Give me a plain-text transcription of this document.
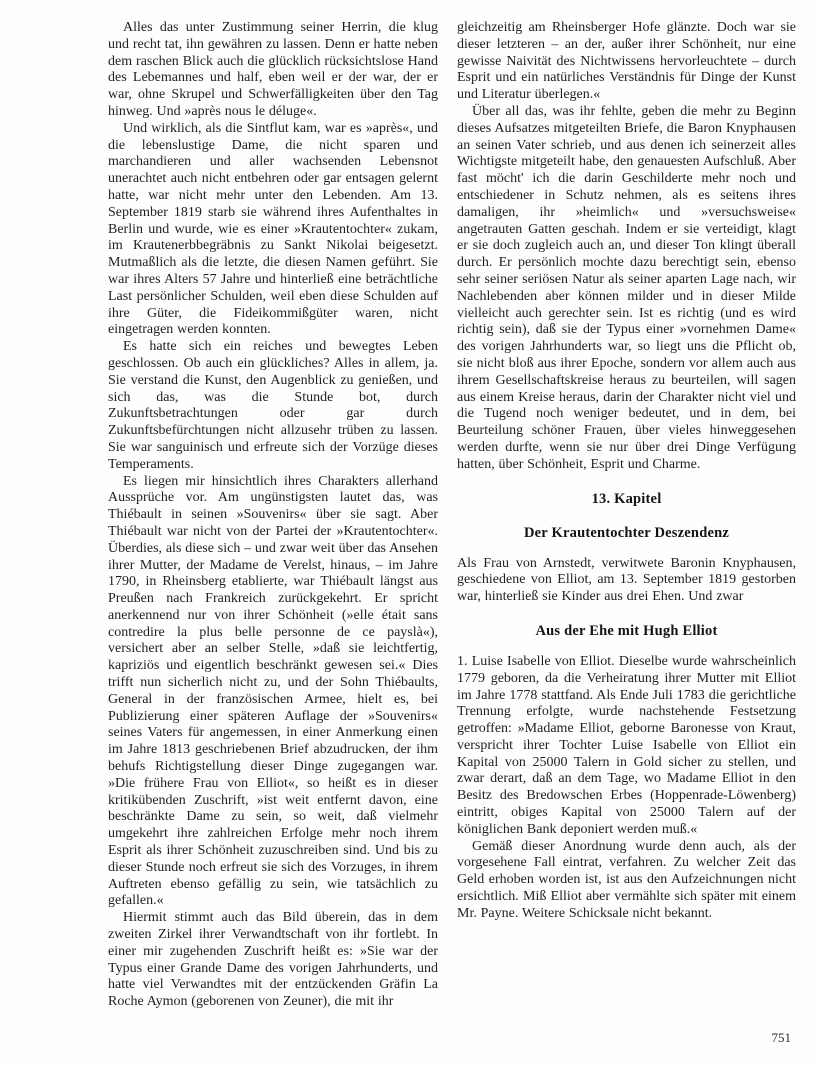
Alles das unter Zustimmung seiner Herrin, die klug und recht tat, ihn gewähren zu lassen. Denn er hatte neben dem raschen Blick auch die glücklich rücksichtslose Hand des Lebemannes und half, eben weil er der war, der er war, ohne Skrupel und Schwerfälligkeiten über den Tag hinweg. Und »après nous le déluge«.

Und wirklich, als die Sintflut kam, war es »après«, und die lebenslustige Dame, die nicht sparen und marchandieren und aller wachsenden Lebensnot unerachtet auch nicht entbehren oder gar entsagen gelernt hatte, war nicht mehr unter den Lebenden. Am 13. September 1819 starb sie während ihres Aufenthaltes in Berlin und wurde, wie es einer »Krautentochter« zukam, im Krautenerbbegräbnis zu Sankt Nikolai beigesetzt. Mutmaßlich als die letzte, die diesen Namen geführt. Sie war ihres Alters 57 Jahre und hinterließ eine beträchtliche Last persönlicher Schulden, weil eben diese Schulden auf ihre Güter, die Fideikommißgüter waren, nicht eingetragen werden konnten.

Es hatte sich ein reiches und bewegtes Leben geschlossen. Ob auch ein glückliches? Alles in allem, ja. Sie verstand die Kunst, den Augenblick zu genießen, und sich das, was die Stunde bot, durch Zukunftsbetrachtungen oder gar durch Zukunftsbefürchtungen nicht allzusehr trüben zu lassen. Sie war sanguinisch und erfreute sich der Vorzüge dieses Temperaments.

Es liegen mir hinsichtlich ihres Charakters allerhand Aussprüche vor. Am ungünstigsten lautet das, was Thiébault in seinen »Souvenirs« über sie sagt. Aber Thiébault war nicht von der Partei der »Krautentochter«. Überdies, als diese sich – und zwar weit über das Ansehen ihrer Mutter, der Madame de Verelst, hinaus, – im Jahre 1790, in Rheinsberg etablierte, war Thiébault längst aus Preußen nach Frankreich zurückgekehrt. Er spricht anerkennend nur von ihrer Schönheit (»elle était sans contredire la plus belle personne de ce payslà«), versichert aber an selber Stelle, »daß sie leichtfertig, kapriziös und eigentlich beschränkt gewesen sei.« Dies trifft nun sicherlich nicht zu, und der Sohn Thiébaults, General in der französischen Armee, hielt es, bei Publizierung einer späteren Auflage der »Souvenirs« seines Vaters für angemessen, in einer Anmerkung einen im Jahre 1813 geschriebenen Brief abzudrucken, der ihm behufs Richtigstellung dieser Dinge zugegangen war. »Die frühere Frau von Elliot«, so heißt es in dieser kritikübenden Zuschrift, »ist weit entfernt davon, eine beschränkte Dame zu sein, so weit, daß vielmehr umgekehrt ihre zahlreichen Erfolge mehr noch ihrem Esprit als ihrer Schönheit zuzuschreiben sind. Und bis zu dieser Stunde noch erfreut sie sich des Vorzuges, in ihrem Auftreten ebenso gefällig zu sein, wie tatsächlich zu gefallen.«

Hiermit stimmt auch das Bild überein, das in dem zweiten Zirkel ihrer Verwandtschaft von ihr fortlebt. In einer mir zugehenden Zuschrift heißt es: »Sie war der Typus einer Grande Dame des vorigen Jahrhunderts, und hatte viel Verwandtes mit der entzückenden Gräfin La Roche Aymon (geborenen von Zeuner), die mit ihr

gleichzeitig am Rheinsberger Hofe glänzte. Doch war sie dieser letzteren – an der, außer ihrer Schönheit, nur eine gewisse Naivität des Nichtwissens hervorleuchtete – durch Esprit und ein natürliches Verständnis für Dinge der Kunst und Literatur überlegen.«

Über all das, was ihr fehlte, geben die mehr zu Beginn dieses Aufsatzes mitgeteilten Briefe, die Baron Knyphausen an seinen Vater schrieb, und aus denen ich seinerzeit alles Wichtigste mitgeteilt habe, den genauesten Aufschluß. Aber fast möcht' ich die darin Geschilderte mehr noch und entschiedener in Schutz nehmen, als es seitens ihres damaligen, ihr »heimlich« und »versuchsweise« angetrauten Gatten geschah. Indem er sie verteidigt, klagt er sie doch zugleich auch an, und dieser Ton klingt überall durch. Er persönlich mochte dazu berechtigt sein, ebenso sehr seiner seriösen Natur als seiner aparten Lage nach, wir Nachlebenden aber können milder und in dieser Milde vielleicht auch gerechter sein. Ist es richtig (und es wird richtig sein), daß sie der Typus einer »vornehmen Dame« des vorigen Jahrhunderts war, so liegt uns die Pflicht ob, sie nicht bloß aus ihrer Epoche, sondern vor allem auch aus ihrem Gesellschaftskreise heraus zu beurteilen, will sagen aus einem Kreise heraus, darin der Charakter nicht viel und die Tugend noch weniger bedeutet, und in dem, bei Beurteilung schöner Frauen, über vieles hinweggesehen werden durfte, wenn sie nur über drei Dinge Verfügung hatten, über Schönheit, Esprit und Charme.

13. Kapitel
Der Krautentochter Deszendenz

Als Frau von Arnstedt, verwitwete Baronin Knyphausen, geschiedene von Elliot, am 13. September 1819 gestorben war, hinterließ sie Kinder aus drei Ehen. Und zwar

Aus der Ehe mit Hugh Elliot

1. Luise Isabelle von Elliot. Dieselbe wurde wahrscheinlich 1779 geboren, da die Verheiratung ihrer Mutter mit Elliot im Jahre 1778 stattfand. Als Ende Juli 1783 die gerichtliche Trennung erfolgte, wurde nachstehende Festsetzung getroffen: »Madame Elliot, geborne Baronesse von Kraut, verspricht ihrer Tochter Luise Isabelle von Elliot ein Kapital von 25000 Talern in Gold sicher zu stellen, und zwar derart, daß an dem Tage, wo Madame Elliot in den Besitz des Bredowschen Erbes (Hoppenrade-Löwenberg) eintritt, obiges Kapital von 25000 Talern auf der königlichen Bank deponiert werden muß.«

Gemäß dieser Anordnung wurde denn auch, als der vorgesehene Fall eintrat, verfahren. Zu welcher Zeit das Geld erhoben worden ist, ist aus den Aufzeichnungen nicht ersichtlich. Miß Elliot aber vermählte sich später mit einem Mr. Payne. Weitere Schicksale nicht bekannt.

751
